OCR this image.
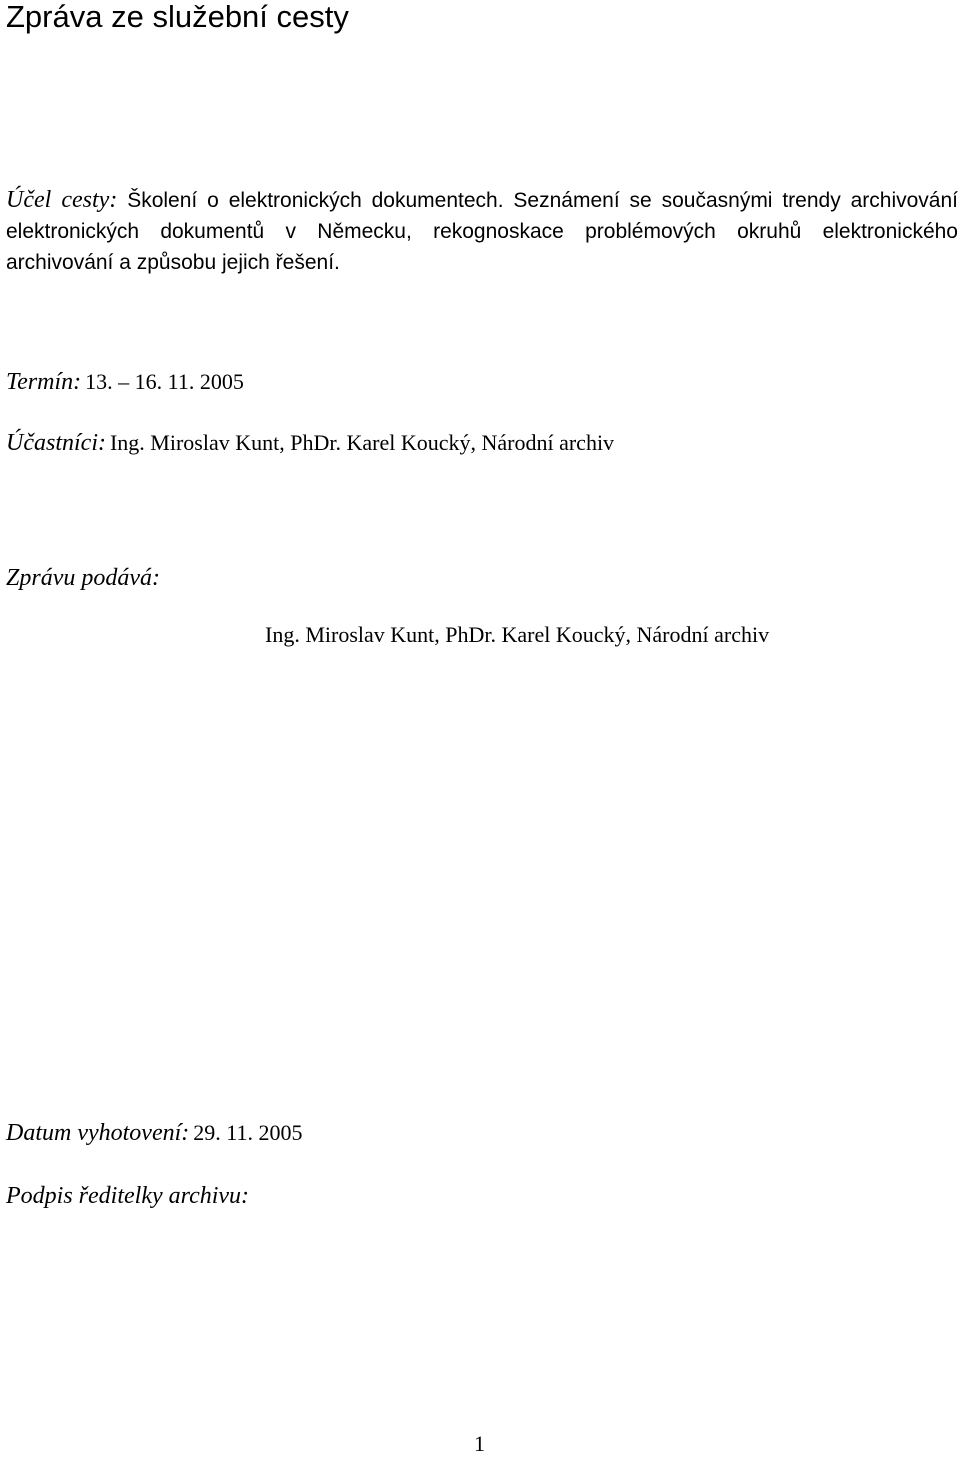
Zpráva ze služební cesty
Účel cesty: Školení o elektronických dokumentech. Seznámení se současnými trendy archivování elektronických dokumentů v Německu, rekognoskace problémových okruhů elektronického archivování a způsobu jejich řešení.
Termín: 13. – 16. 11. 2005
Účastníci: Ing. Miroslav Kunt, PhDr. Karel Koucký, Národní archiv
Zprávu podává:
Ing. Miroslav Kunt, PhDr. Karel Koucký, Národní archiv
Datum vyhotovení: 29. 11. 2005
Podpis ředitelky archivu:
1
